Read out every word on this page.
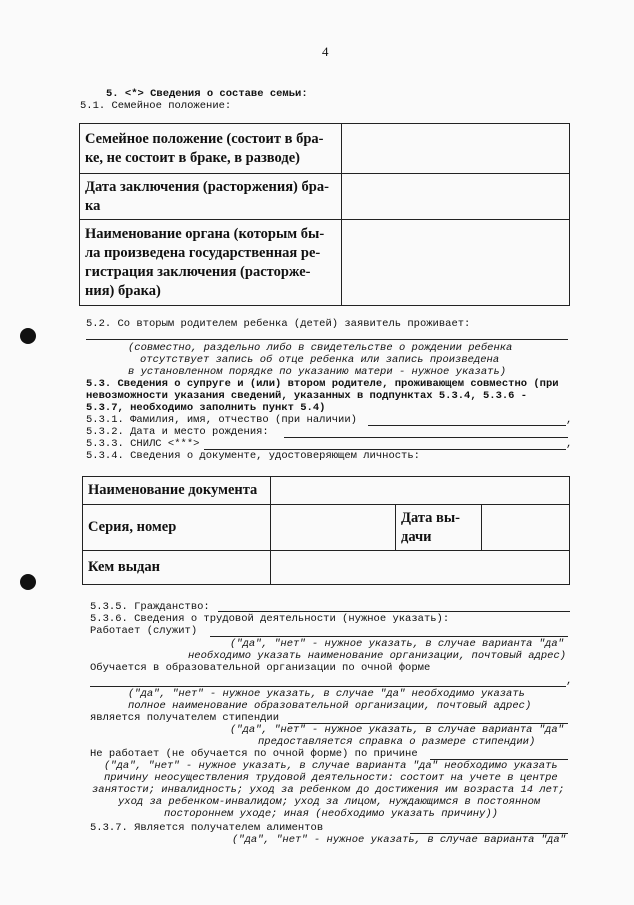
4
5. <*> Сведения о составе семьи:
5.1. Семейное положение:
Семейное положение (состоит в бра-
ке, не состоит в браке, в разводе)	
Дата заключения (расторжения) бра-
ка	
Наименование органа (которым бы-
ла произведена государственная ре-
гистрация заключения (расторже-
ния) брака)	
5.2. Со вторым родителем ребенка (детей) заявитель проживает:
(совместно, раздельно либо в свидетельстве о рождении ребенка
отсутствует запись об отце ребенка или запись произведена
в установленном порядке по указанию матери - нужное указать)
5.3. Сведения о супруге и (или) втором родителе, проживающем совместно (при
невозможности указания сведений, указанных в подпунктах 5.3.4, 5.3.6 -
5.3.7, необходимо заполнить пункт 5.4)
5.3.1. Фамилия, имя, отчество (при наличии)	,
5.3.2. Дата и место рождения:
5.3.3. СНИЛС <***>	,
5.3.4. Сведения о документе, удостоверяющем личность:
Наименование документа			
Серия, номер		Дата вы-
дачи	
Кем выдан			
5.3.5. Гражданство:
5.3.6. Сведения о трудовой деятельности (нужное указать):
Работает (служит)
("да", "нет" - нужное указать, в случае варианта "да"
необходимо указать наименование организации, почтовый адрес)
Обучается в образовательной организации по очной форме
,
("да", "нет" - нужное указать, в случае "да" необходимо указать
полное наименование образовательной организации, почтовый адрес)
является получателем стипендии
("да", "нет" - нужное указать, в случае варианта "да"
предоставляется справка о размере стипендии)
Не работает (не обучается по очной форме) по причине
("да", "нет" - нужное указать, в случае варианта "да" необходимо указать
причину неосуществления трудовой деятельности: состоит на учете в центре
занятости; инвалидность; уход за ребенком до достижения им возраста 14 лет;
уход за ребенком-инвалидом; уход за лицом, нуждающимся в постоянном
постороннем уходе; иная (необходимо указать причину))
5.3.7. Является получателем алиментов
("да", "нет" - нужное указать, в случае варианта "да"
